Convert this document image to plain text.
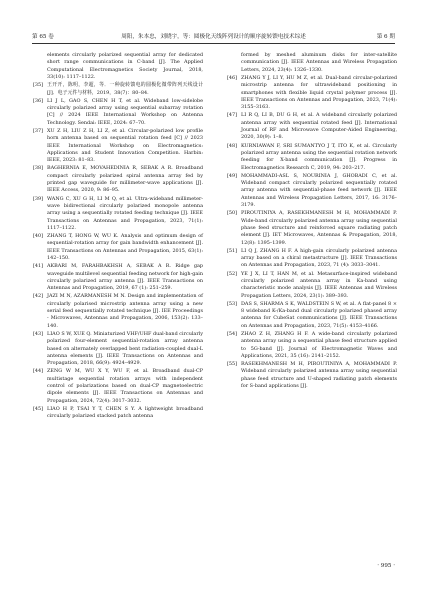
第 65 卷	周阳，朱本忠，刘晓宇，等：圆极化天线阵列设计的顺序旋转馈电技术综述	第 6 期
elements circularly polarized sequential array for dedicated short range communications in C-band [J]. The Applied Computational Electromagnetics Society Journal, 2018, 33(10): 1117–1122.
[35] 王开开，陈明，李超，等．一种旋转馈电的圆极化微带阵列天线设计[J]．电子元件与材料，2019，38(7)：80–84.
[36] LI J L, GAO S, CHEN H T, et al. Wideband low-sidelobe circularly polarized array using sequential subarray rotation [C] // 2024 IEEE International Workshop on Antenna Technology. Sendai: IEEE, 2024: 67–70.
[37] XU Z H, LIU Z H, LI Z, et al. Circular-polarized low profile horn antenna based on sequential rotation feed [C] // 2023 IEEE International Workshop on Electromagnetics: Applications and Student Innovation Competition. Harbin: IEEE, 2023: 81–83.
[38] BAGHERNIA E, MOVAHEDINIA R, SEBAK A R. Broadband compact circularly polarized spiral antenna array fed by printed gap waveguide for millimeter-wave applications [J]. IEEE Access, 2020, 9: 86–95.
[39] WANG C, XU G H, LI M Q, et al. Ultra-wideband millimeter-wave bidirectional circularly polarized monopole antenna array using a sequentially rotated feeding technique [J]. IEEE Transactions on Antennas and Propagation, 2023, 71(1): 1117–1122.
[40] ZHANG T, HONG W, WU K. Analysis and optimum design of sequential-rotation array for gain bandwidth enhancement [J]. IEEE Transactions on Antennas and Propagation, 2015, 63(1): 142–150.
[41] AKBARI M, FARAHBAKHSH A, SEBAK A R. Ridge gap waveguide multilevel sequential feeding network for high-gain circularly polarized array antenna [J]. IEEE Transactions on Antennas and Propagation, 2019, 67 (1): 251–259.
[42] JAZI M N, AZARMANESH M N. Design and implementation of circularly polarised microstrip antenna array using a new serial feed sequentially rotated technique [J]. IEE Proceedings - Microwaves, Antennas and Propagation, 2006, 153(2): 133–140.
[43] LIAO S W, XUE Q. Miniaturized VHF/UHF dual-band circularly polarized four-element sequential-rotation array antenna based on alternately overlapped bent radiation-coupled dual-L antenna elements [J]. IEEE Transactions on Antennas and Propagation, 2018, 66(9): 4924–4929.
[44] ZENG W M, WU X Y, WU F, et al. Broadband dual-CP multistage sequential rotation arrays with independent control of polarizations based on dual-CP magnetoelectric dipole elements [J]. IEEE Transactions on Antennas and Propagation, 2024, 72(4): 3017–3032.
[45] LIAO H P, TSAI Y T, CHEN S Y. A lightweight broadband circularly polarized stacked patch antenna
formed by meshed aluminum disks for inter-satellite communication [J]. IEEE Antennas and Wireless Propagation Letters, 2024, 23(4): 1326–1330.
[46] ZHANG Y J, LI Y, HU M Z, et al. Dual-band circular-polarized microstrip antenna for ultrawideband positioning in smartphones with flexible liquid crystal polymer process [J]. IEEE Transactions on Antennas and Propagation, 2023, 71(4): 3155–3163.
[47] LI R Q, LI B, DU G H, et al. A wideband circularly polarized antenna array with sequential rotated feed [J]. International Journal of RF and Microwave Computer-Aided Engineering, 2020, 30(9): 1–8.
[48] KURNIAWAN F, SRI SUMANTYO J T, ITO K, et al. Circularly polarized array antenna using the sequential rotation network feeding for X-band communication [J]. Progress in Electromagnetics Research C, 2019, 94: 203–217.
[49] MOHAMMADI-ASL S, NOURINIA J, GHOBADI C, et al. Wideband compact circularly polarized sequentially rotated array antenna with sequential-phase feed network [J]. IEEE Antennas and Wireless Propagation Letters, 2017, 16: 3176–3179.
[50] PIROUTINIYA A, RASEKHMANESH M H, MOHAMMADI P. Wide-band circularly polarized antenna array using sequential phase feed structure and reinforced square radiating patch element [J]. IET Microwaves, Antennas & Propagation, 2018, 12(8): 1395–1399.
[51] LI Q J, ZHANG H F. A high-gain circularly polarized antenna array based on a chiral metastructure [J]. IEEE Transactions on Antennas and Propagation, 2023, 71 (4): 3033–3041.
[52] YE J X, LI T, HAN M, et al. Metasurface-inspired wideband circularly polarized antenna array in Ka-band using characteristic mode analysis [J]. IEEE Antennas and Wireless Propagation Letters, 2024, 23(1): 389–393.
[53] DAS S, SHARMA S K, WALDSTEIN S W, et al. A flat-panel 8 × 8 wideband K-/Ka-band dual circularly polarized phased array antenna for CubeSat communications [J]. IEEE Transactions on Antennas and Propagation, 2023, 71(5): 4153–4166.
[54] ZHAO Z H, ZHANG H F. A wide-band circularly polarized antenna array using a sequential phase feed structure applied to 5G-band [J]. Journal of Electromagnetic Waves and Applications, 2021, 35 (16): 2141–2152.
[55] RASEKHMANESH M H, PIROUTINIYA A, MOHAMMADI P. Wideband circularly polarized antenna array using sequential phase feed structure and U-shaped radiating patch elements for S-band applications [J].
· 995 ·
